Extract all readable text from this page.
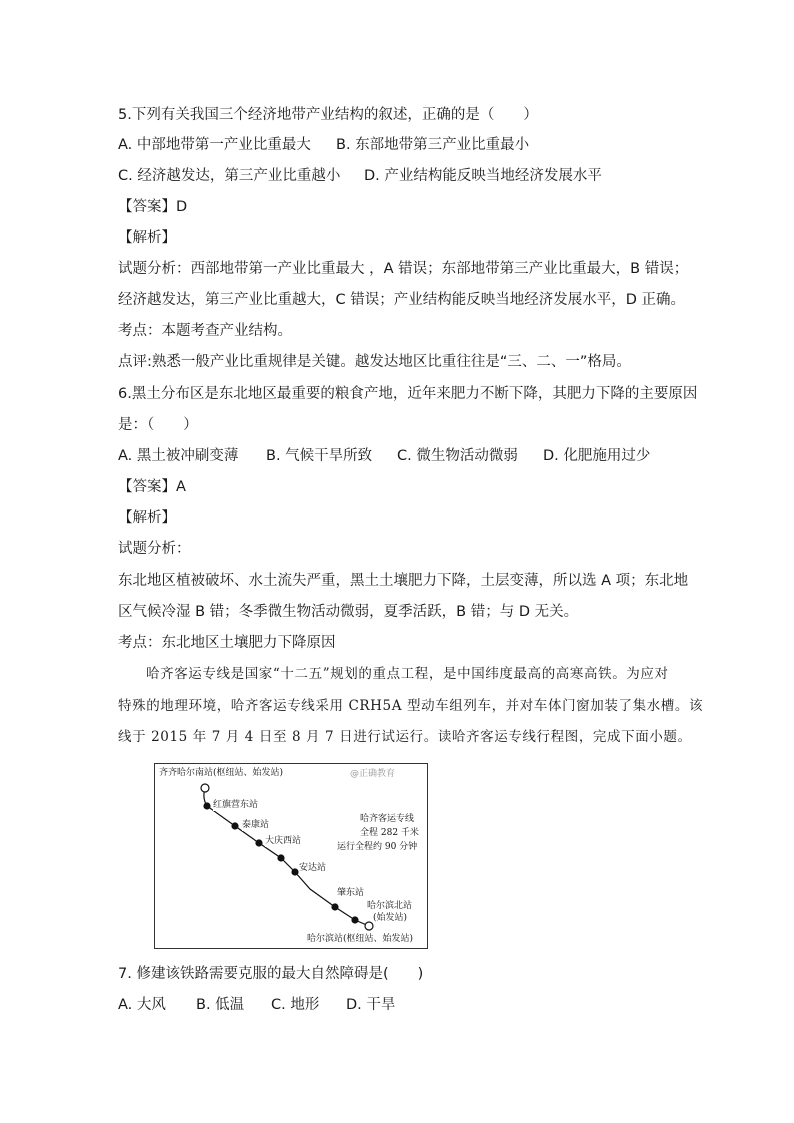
5.下列有关我国三个经济地带产业结构的叙述，正确的是（　　）
A. 中部地带第一产业比重最大 B. 东部地带第三产业比重最小
C. 经济越发达，第三产业比重越小 D. 产业结构能反映当地经济发展水平
【答案】D
【解析】
试题分析：西部地带第一产业比重最大 ，A 错误；东部地带第三产业比重最大，B 错误；
经济越发达，第三产业比重越大，C 错误；产业结构能反映当地经济发展水平，D 正确。
考点：本题考查产业结构。
点评:熟悉一般产业比重规律是关键。越发达地区比重往往是“三、二、一”格局。
6.黑土分布区是东北地区最重要的粮食产地，近年来肥力不断下降，其肥力下降的主要原因
是：（　　）
A. 黑土被冲刷变薄 B. 气候干旱所致 C. 微生物活动微弱 D. 化肥施用过少
【答案】A
【解析】
试题分析：
东北地区植被破坏、水土流失严重，黑土土壤肥力下降，土层变薄，所以选 A 项；东北地
区气候冷湿 B 错；冬季微生物活动微弱，夏季活跃，B 错；与 D 无关。
考点：东北地区土壤肥力下降原因
哈齐客运专线是国家“十二五”规划的重点工程，是中国纬度最高的高寒高铁。为应对
特殊的地理环境，哈齐客运专线采用 CRH5A 型动车组列车，并对车体门窗加装了集水槽。该
线于 2015 年 7 月 4 日至 8 月 7 日进行试运行。读哈齐客运专线行程图，完成下面小题。
@正确教育
齐齐哈尔南站(枢纽站、始发站)
红旗营东站
泰康站
大庆西站
安达站
肇东站
哈尔滨北站
(始发站)
哈尔滨站(枢纽站、始发站)
哈齐客运专线
全程 282 千米
运行全程约 90 分钟
7. 修建该铁路需要克服的最大自然障碍是(　　)
A. 大风 B. 低温 C. 地形 D. 干旱
